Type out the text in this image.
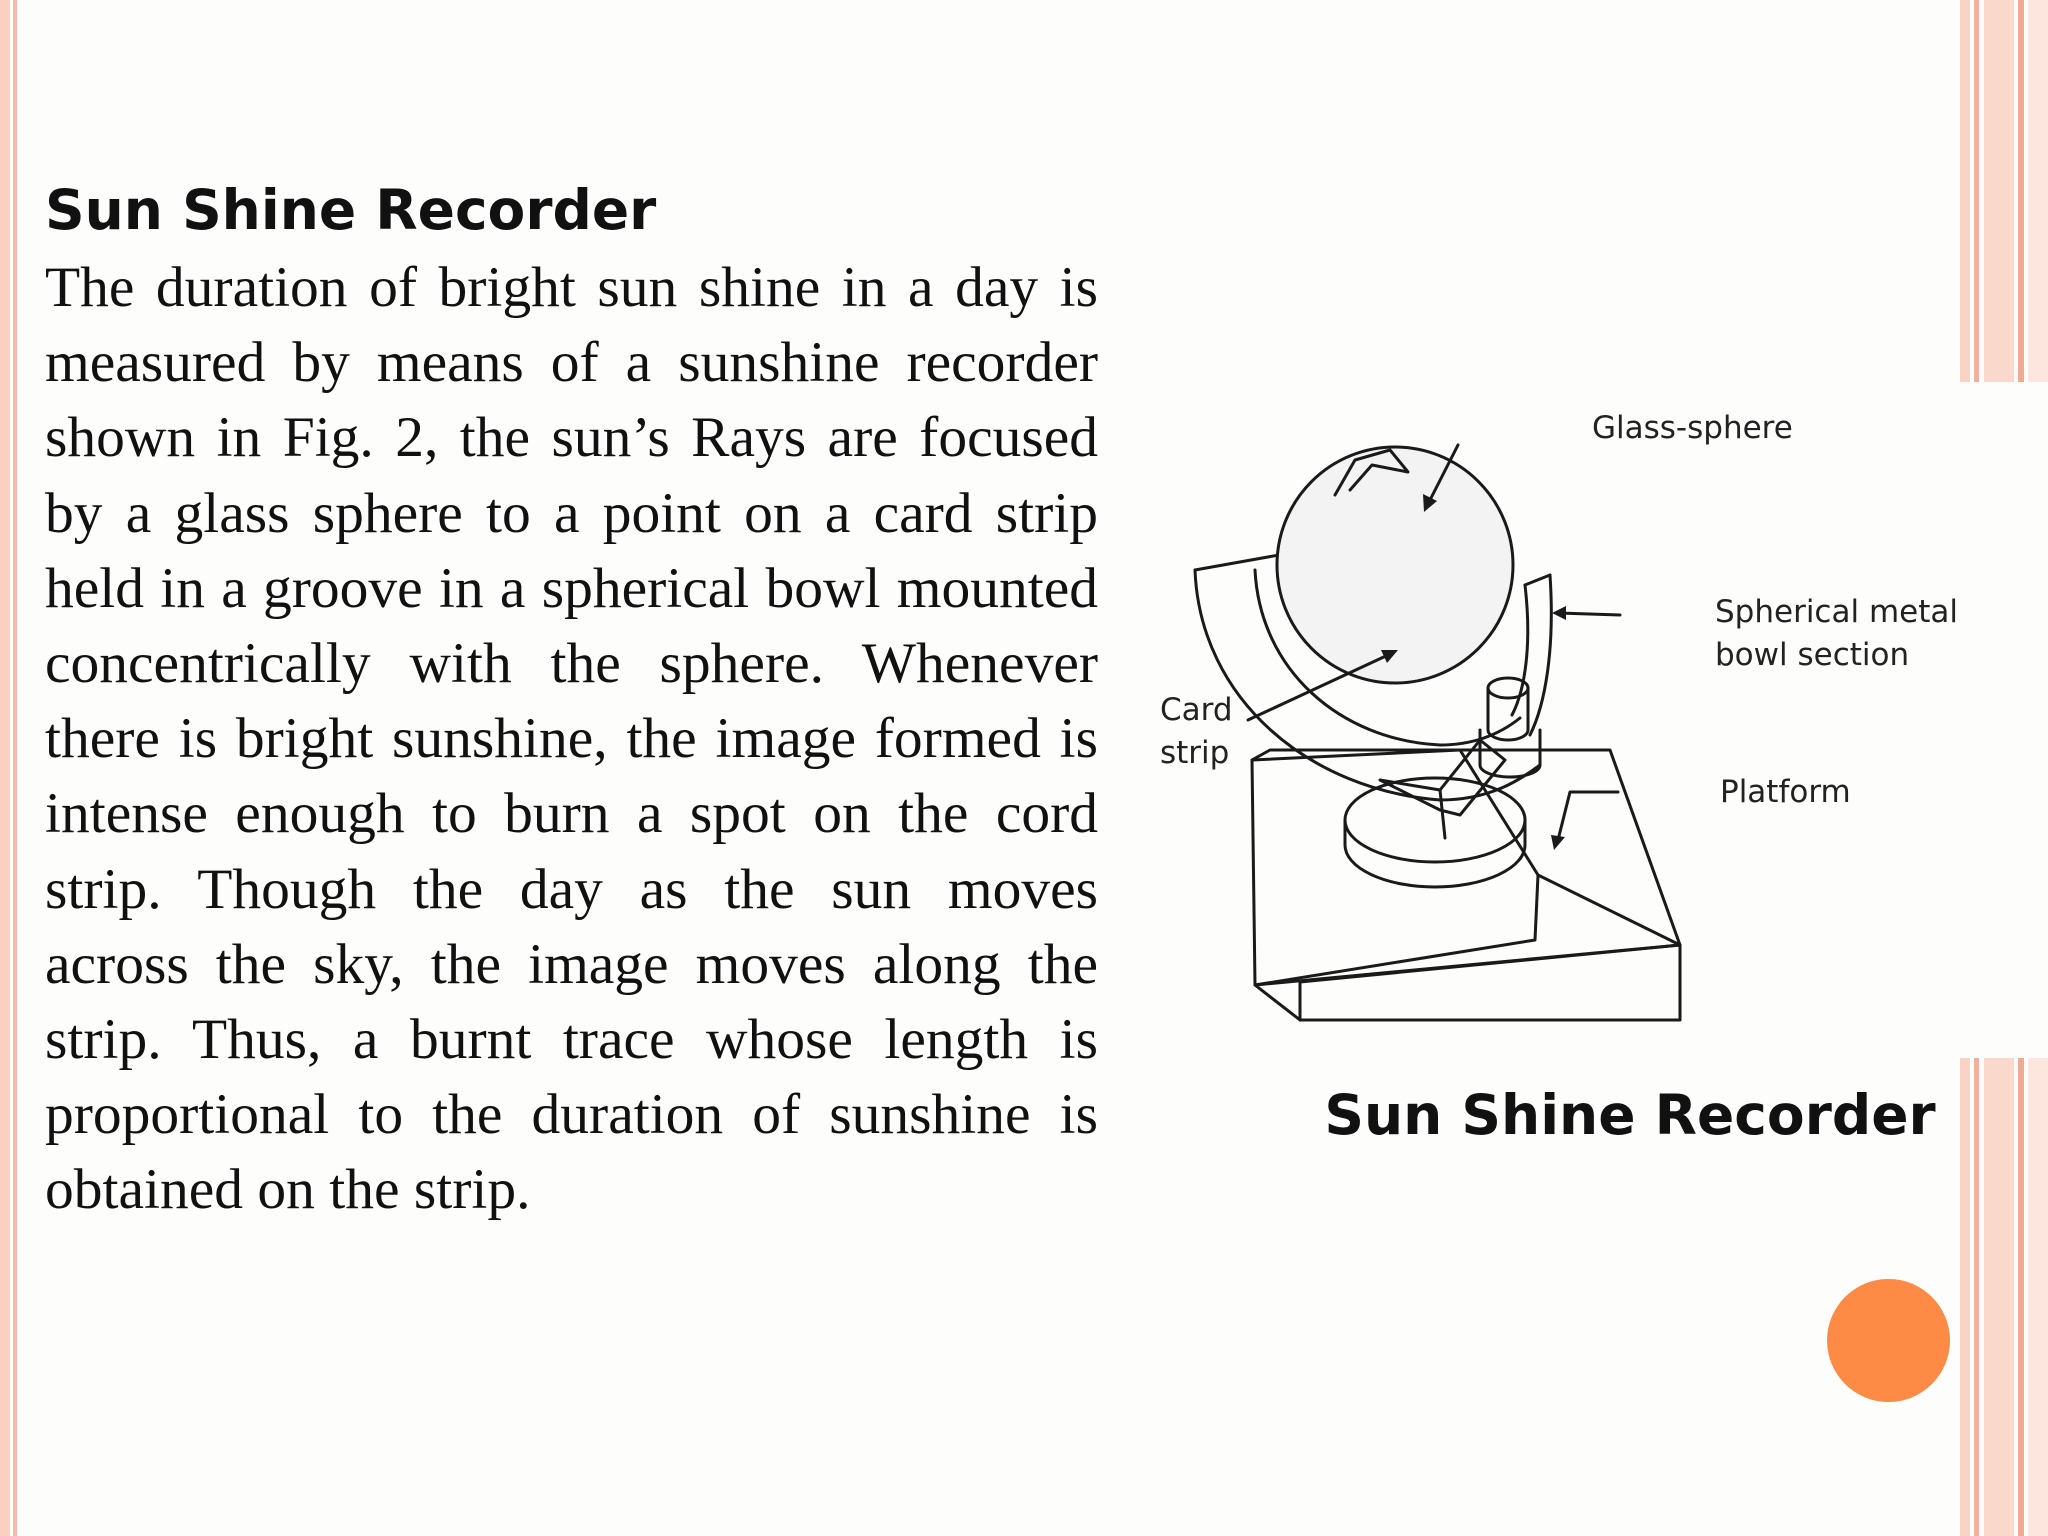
Sun Shine Recorder

The duration of bright sun shine in a day is measured by means of a sunshine recorder shown in Fig. 2, the sun’s Rays are focused by a glass sphere to a point on a card strip held in a groove in a spherical bowl mounted concentrically with the sphere. Whenever there is bright sunshine, the image formed is intense enough to burn a spot on the cord strip. Though the day as the sun moves across the sky, the image moves along the strip. Thus, a burnt trace whose length is proportional to the duration of sunshine is obtained on the strip.

Glass-sphere
Spherical metal
bowl section
Card
strip
Platform
Sun Shine Recorder
